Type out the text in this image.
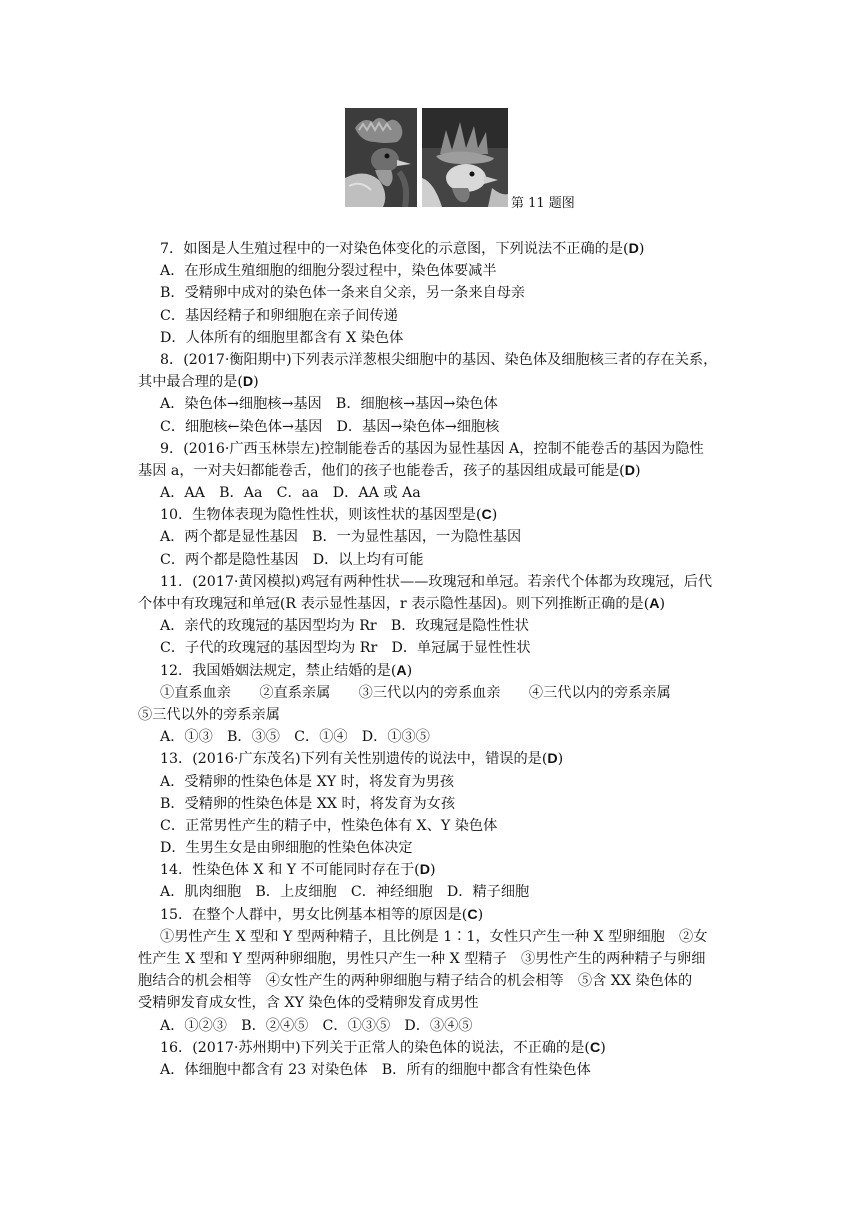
第 11 题图
7．如图是人生殖过程中的一对染色体变化的示意图，下列说法不正确的是(D)
A．在形成生殖细胞的细胞分裂过程中，染色体要减半
B．受精卵中成对的染色体一条来自父亲，另一条来自母亲
C．基因经精子和卵细胞在亲子间传递
D．人体所有的细胞里都含有 X 染色体
8．(2017·衡阳期中)下列表示洋葱根尖细胞中的基因、染色体及细胞核三者的存在关系，
其中最合理的是(D)
A．染色体→细胞核→基因　B．细胞核→基因→染色体
C．细胞核←染色体→基因　D．基因→染色体→细胞核
9．(2016·广西玉林崇左)控制能卷舌的基因为显性基因 A，控制不能卷舌的基因为隐性
基因 a，一对夫妇都能卷舌，他们的孩子也能卷舌，孩子的基因组成最可能是(D)
A．AA　B．Aa　C．aa　D．AA 或 Aa
10．生物体表现为隐性性状，则该性状的基因型是(C)
A．两个都是显性基因　B．一为显性基因，一为隐性基因
C．两个都是隐性基因　D．以上均有可能
11．(2017·黄冈模拟)鸡冠有两种性状——玫瑰冠和单冠。若亲代个体都为玫瑰冠，后代
个体中有玫瑰冠和单冠(R 表示显性基因，r 表示隐性基因)。则下列推断正确的是(A)
A．亲代的玫瑰冠的基因型均为 Rr　B．玫瑰冠是隐性性状
C．子代的玫瑰冠的基因型均为 Rr　D．单冠属于显性性状
12．我国婚姻法规定，禁止结婚的是(A)
①直系血亲　　②直系亲属　　③三代以内的旁系血亲　　④三代以内的旁系亲属
⑤三代以外的旁系亲属
A．①③　B．③⑤　C．①④　D．①③⑤
13．(2016·广东茂名)下列有关性别遗传的说法中，错误的是(D)
A．受精卵的性染色体是 XY 时，将发育为男孩
B．受精卵的性染色体是 XX 时，将发育为女孩
C．正常男性产生的精子中，性染色体有 X、Y 染色体
D．生男生女是由卵细胞的性染色体决定
14．性染色体 X 和 Y 不可能同时存在于(D)
A．肌肉细胞　B．上皮细胞　C．神经细胞　D．精子细胞
15．在整个人群中，男女比例基本相等的原因是(C)
①男性产生 X 型和 Y 型两种精子，且比例是 1∶1，女性只产生一种 X 型卵细胞　②女
性产生 X 型和 Y 型两种卵细胞，男性只产生一种 X 型精子　③男性产生的两种精子与卵细
胞结合的机会相等　④女性产生的两种卵细胞与精子结合的机会相等　⑤含 XX 染色体的
受精卵发育成女性，含 XY 染色体的受精卵发育成男性
A．①②③　B．②④⑤　C．①③⑤　D．③④⑤
16．(2017·苏州期中)下列关于正常人的染色体的说法，不正确的是(C)
A．体细胞中都含有 23 对染色体　B．所有的细胞中都含有性染色体
